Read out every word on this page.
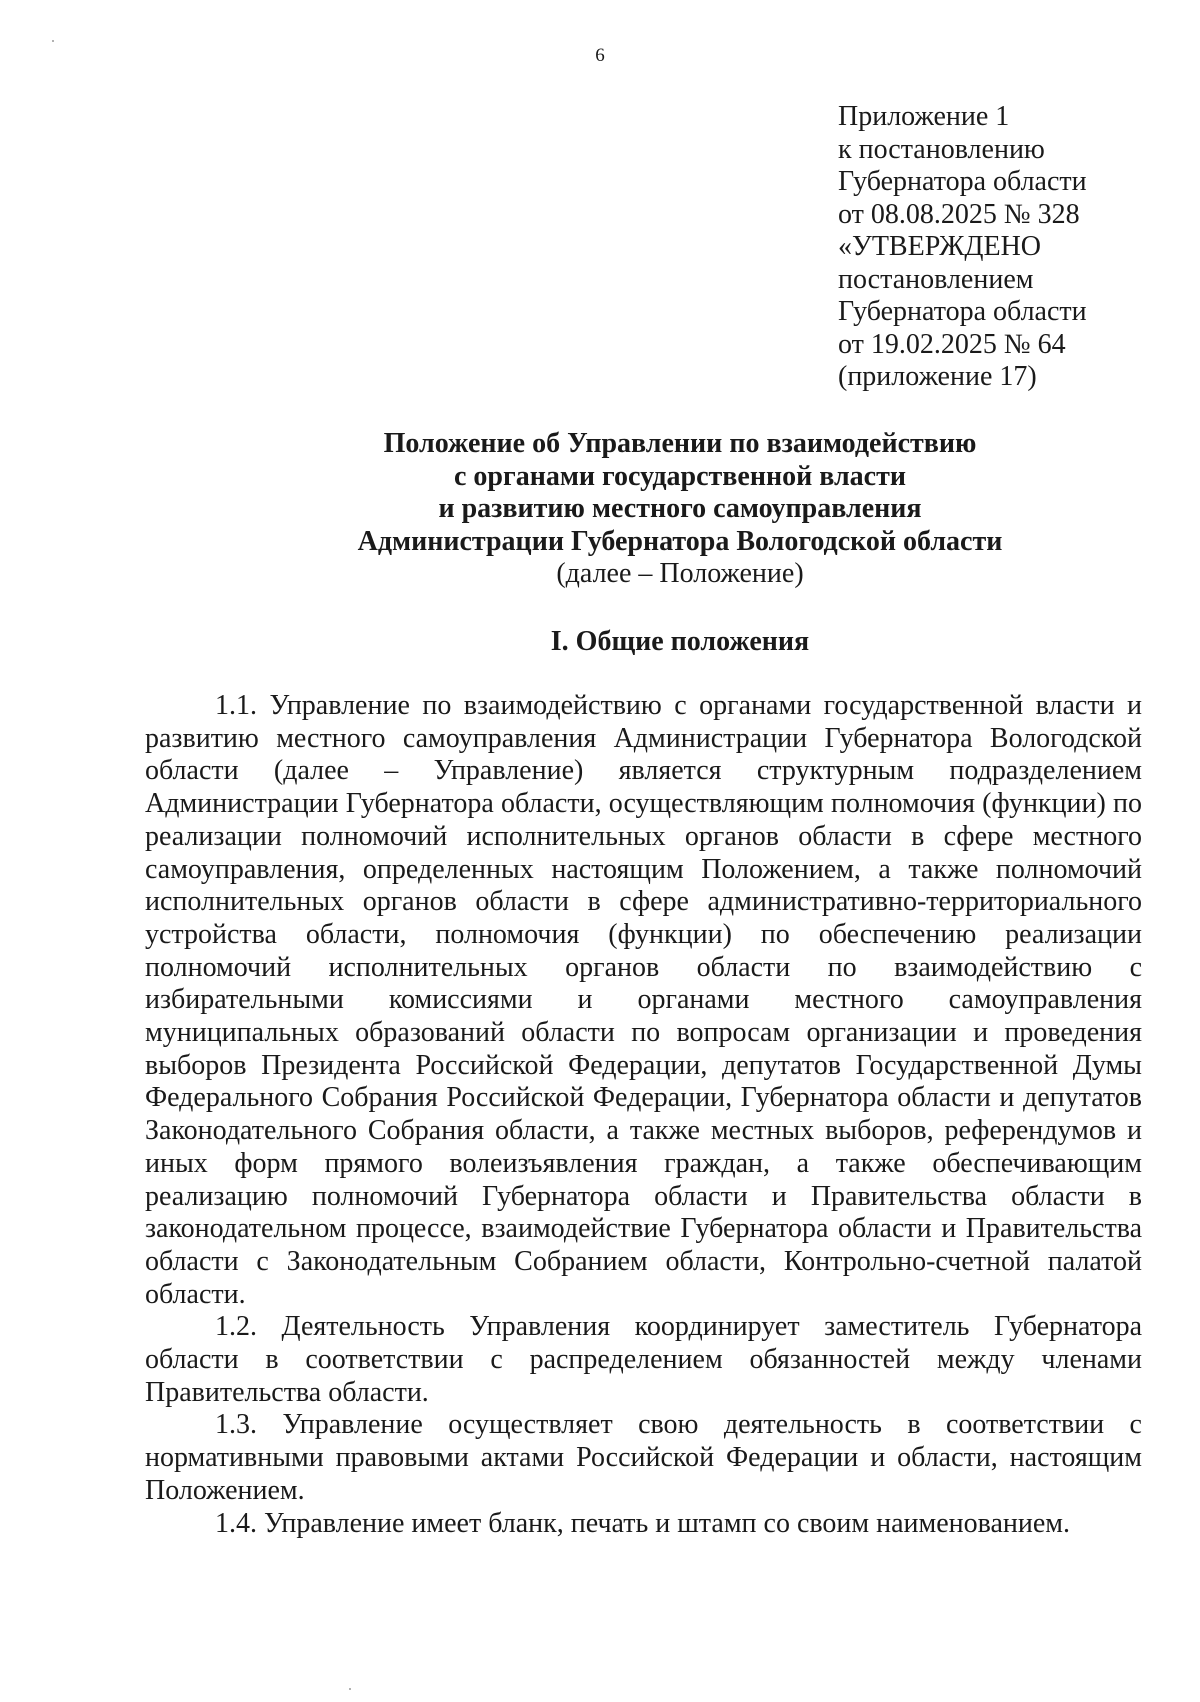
6
Приложение 1
к постановлению
Губернатора области
от 08.08.2025 № 328
«УТВЕРЖДЕНО
постановлением
Губернатора области
от 19.02.2025 № 64
(приложение 17)
Положение об Управлении по взаимодействию
с органами государственной власти
и развитию местного самоуправления
Администрации Губернатора Вологодской области
(далее – Положение)
I. Общие положения

1.1. Управление по взаимодействию с органами государственной власти и развитию местного самоуправления Администрации Губернатора Вологодской области (далее – Управление) является структурным подразделением Администрации Губернатора области, осуществляющим полномочия (функции) по реализации полномочий исполнительных органов области в сфере местного самоуправления, определенных настоящим Положением, а также полномочий исполнительных органов области в сфере административно-территориального устройства области, полномочия (функции) по обеспечению реализации полномочий исполнительных органов области по взаимодействию с избирательными комиссиями и органами местного самоуправления муниципальных образований области по вопросам организации и проведения выборов Президента Российской Федерации, депутатов Государственной Думы Федерального Собрания Российской Федерации, Губернатора области и депутатов Законодательного Собрания области, а также местных выборов, референдумов и иных форм прямого волеизъявления граждан, а также обеспечивающим реализацию полномочий Губернатора области и Правительства области в законодательном процессе, взаимодействие Губернатора области и Правительства области с Законодательным Собранием области, Контрольно-счетной палатой области.

1.2. Деятельность Управления координирует заместитель Губернатора области в соответствии с распределением обязанностей между членами Правительства области.

1.3. Управление осуществляет свою деятельность в соответствии с нормативными правовыми актами Российской Федерации и области, настоящим Положением.

1.4. Управление имеет бланк, печать и штамп со своим наименованием.
